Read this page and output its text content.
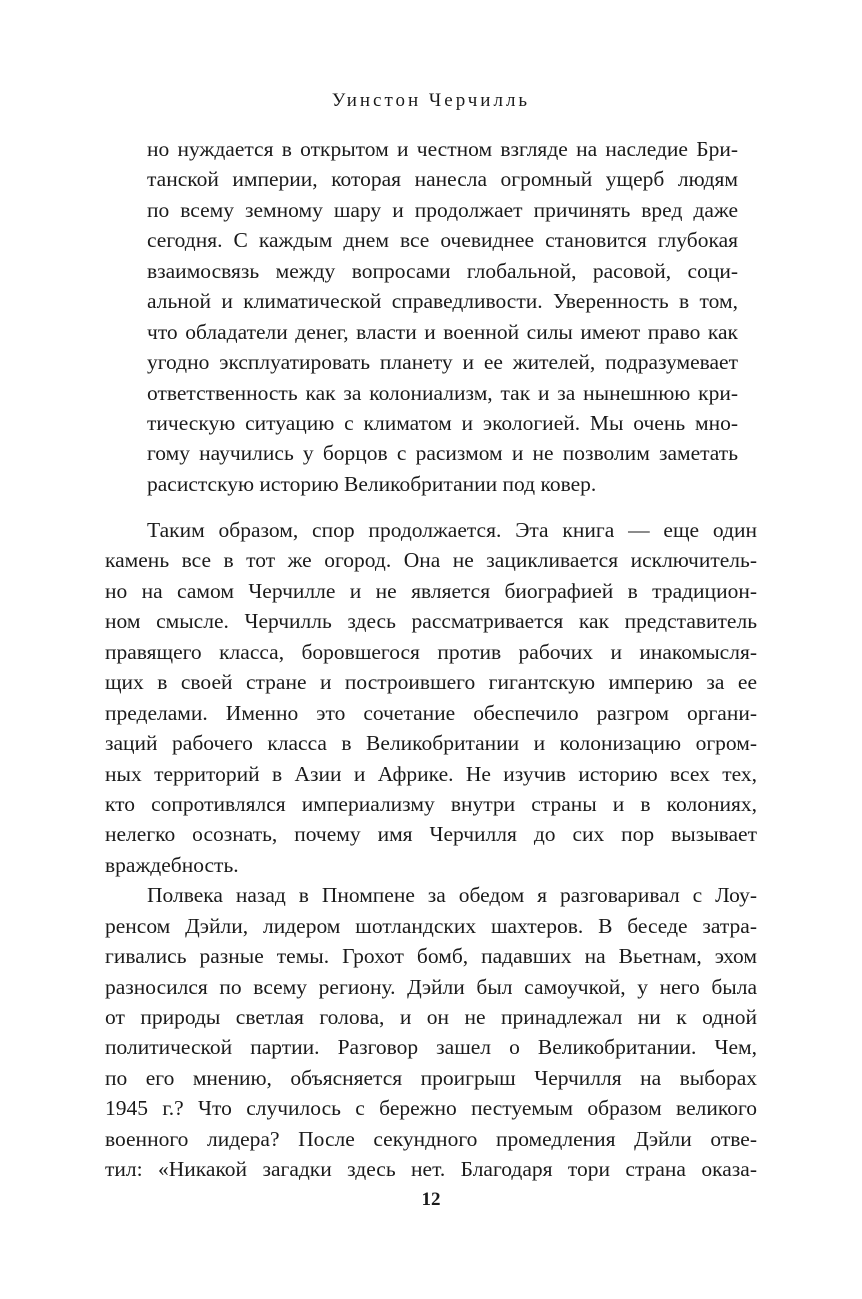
Уинстон Черчилль
но нуждается в открытом и честном взгляде на наследие Бри-
танской империи, которая нанесла огромный ущерб людям
по всему земному шару и продолжает причинять вред даже
сегодня. С каждым днем все очевиднее становится глубокая
взаимосвязь между вопросами глобальной, расовой, соци-
альной и климатической справедливости. Уверенность в том,
что обладатели денег, власти и военной силы имеют право как
угодно эксплуатировать планету и ее жителей, подразумевает
ответственность как за колониализм, так и за нынешнюю кри-
тическую ситуацию с климатом и экологией. Мы очень мно-
гому научились у борцов с расизмом и не позволим заметать
расистскую историю Великобритании под ковер.
Таким образом, спор продолжается. Эта книга — еще один
камень все в тот же огород. Она не зацикливается исключитель-
но на самом Черчилле и не является биографией в традицион-
ном смысле. Черчилль здесь рассматривается как представитель
правящего класса, боровшегося против рабочих и инакомысля-
щих в своей стране и построившего гигантскую империю за ее
пределами. Именно это сочетание обеспечило разгром органи-
заций рабочего класса в Великобритании и колонизацию огром-
ных территорий в Азии и Африке. Не изучив историю всех тех,
кто сопротивлялся империализму внутри страны и в колониях,
нелегко осознать, почему имя Черчилля до сих пор вызывает
враждебность.
Полвека назад в Пномпене за обедом я разговаривал с Лоу-
ренсом Дэйли, лидером шотландских шахтеров. В беседе затра-
гивались разные темы. Грохот бомб, падавших на Вьетнам, эхом
разносился по всему региону. Дэйли был самоучкой, у него была
от природы светлая голова, и он не принадлежал ни к одной
политической партии. Разговор зашел о Великобритании. Чем,
по его мнению, объясняется проигрыш Черчилля на выборах
1945 г.? Что случилось с бережно пестуемым образом великого
военного лидера? После секундного промедления Дэйли отве-
тил: «Никакой загадки здесь нет. Благодаря тори страна оказа-
12
